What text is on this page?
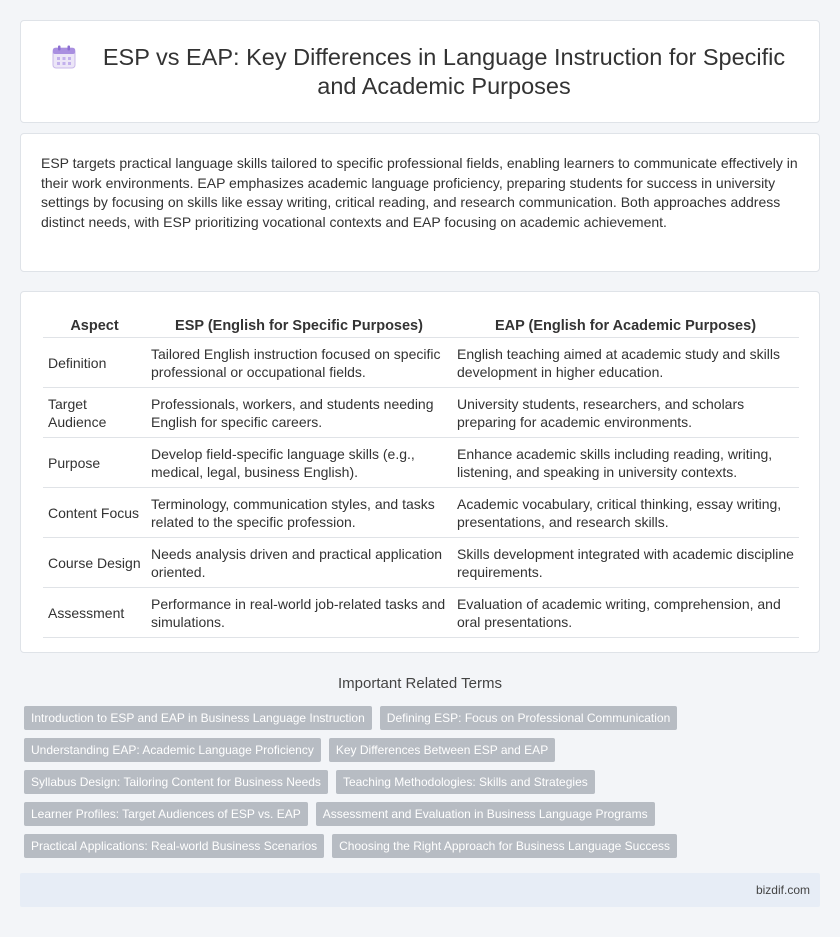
ESP vs EAP: Key Differences in Language Instruction for Specific and Academic Purposes

ESP targets practical language skills tailored to specific professional fields, enabling learners to communicate effectively in their work environments. EAP emphasizes academic language proficiency, preparing students for success in university settings by focusing on skills like essay writing, critical reading, and research communication. Both approaches address distinct needs, with ESP prioritizing vocational contexts and EAP focusing on academic achievement.

Aspect	ESP (English for Specific Purposes)	EAP (English for Academic Purposes)
Definition	Tailored English instruction focused on specific professional or occupational fields.	English teaching aimed at academic study and skills development in higher education.
Target Audience	Professionals, workers, and students needing English for specific careers.	University students, researchers, and scholars preparing for academic environments.
Purpose	Develop field-specific language skills (e.g., medical, legal, business English).	Enhance academic skills including reading, writing, listening, and speaking in university contexts.
Content Focus	Terminology, communication styles, and tasks related to the specific profession.	Academic vocabulary, critical thinking, essay writing, presentations, and research skills.
Course Design	Needs analysis driven and practical application oriented.	Skills development integrated with academic discipline requirements.
Assessment	Performance in real-world job-related tasks and simulations.	Evaluation of academic writing, comprehension, and oral presentations.
Important Related Terms
Introduction to ESP and EAP in Business Language Instruction	Defining ESP: Focus on Professional Communication
Understanding EAP: Academic Language Proficiency	Key Differences Between ESP and EAP
Syllabus Design: Tailoring Content for Business Needs	Teaching Methodologies: Skills and Strategies
Learner Profiles: Target Audiences of ESP vs. EAP	Assessment and Evaluation in Business Language Programs
Practical Applications: Real-world Business Scenarios	Choosing the Right Approach for Business Language Success
bizdif.com
